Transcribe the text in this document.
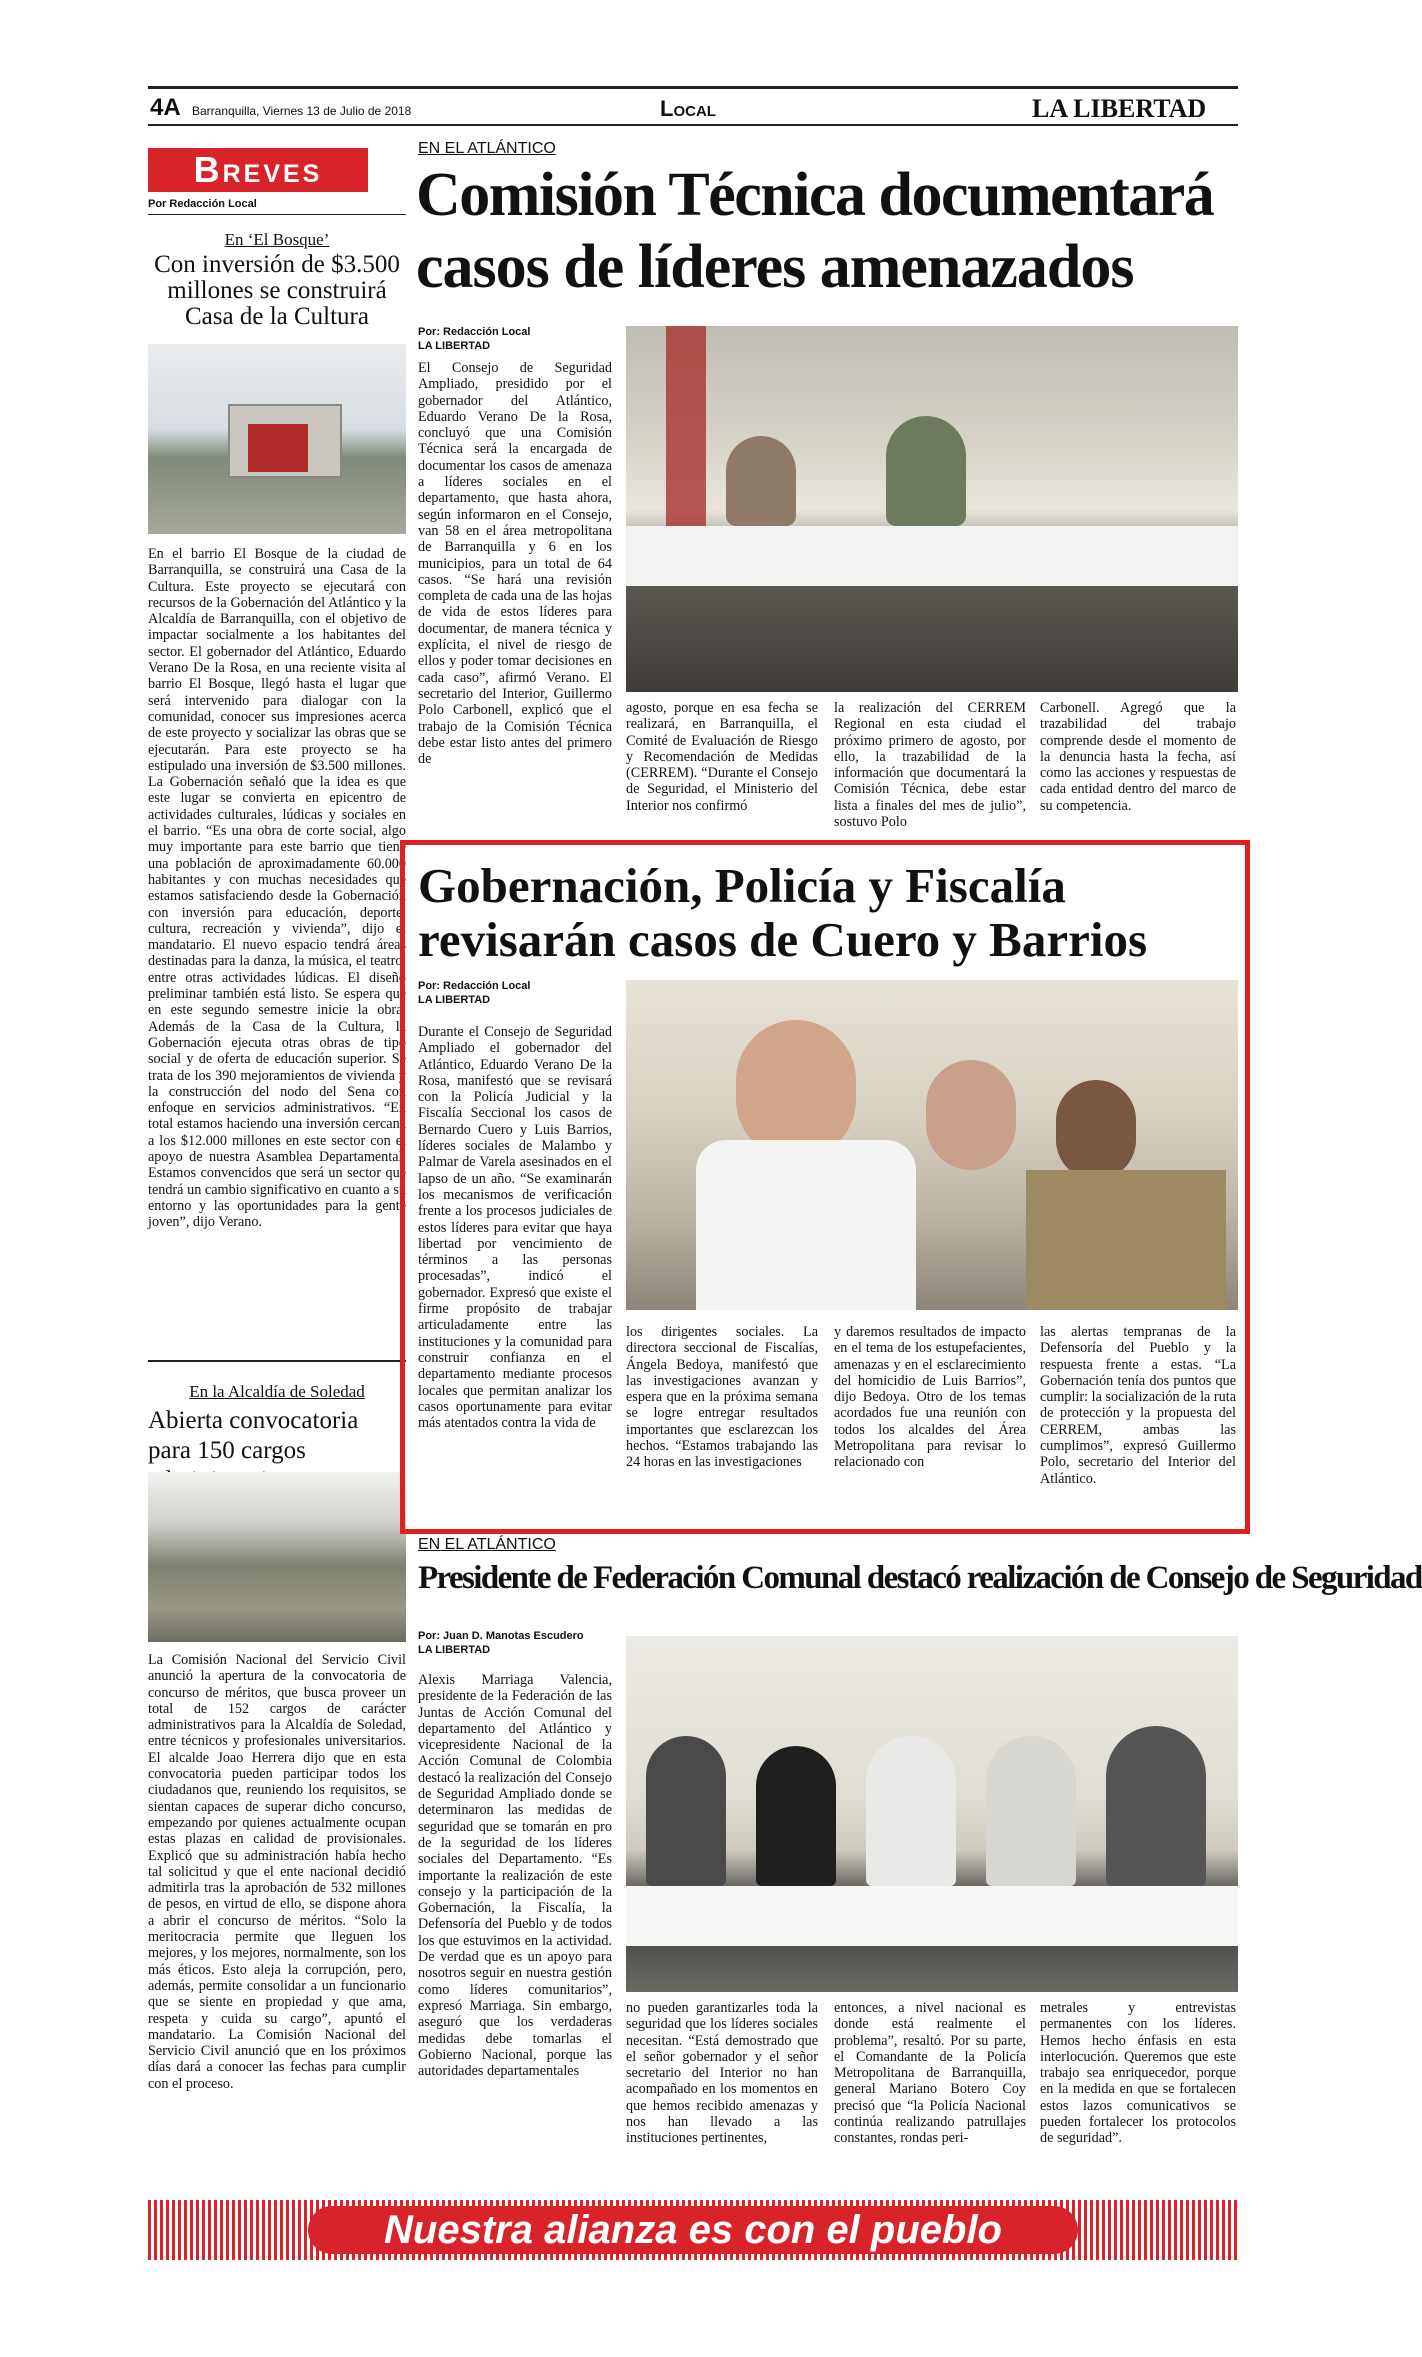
4A Barranquilla, Viernes 13 de Julio de 2018	Local	LA LIBERTAD
Breves
Por Redacción Local
En ‘El Bosque’
Con inversión de $3.500 millones se construirá Casa de la Cultura

En el barrio El Bosque de la ciudad de Barranquilla, se construirá una Casa de la Cultura. Este proyecto se ejecutará con recursos de la Gobernación del Atlántico y la Alcaldía de Barranquilla, con el objetivo de impactar socialmente a los habitantes del sector. El gobernador del Atlántico, Eduardo Verano De la Rosa, en una reciente visita al barrio El Bosque, llegó hasta el lugar que será intervenido para dialogar con la comunidad, conocer sus impresiones acerca de este proyecto y socializar las obras que se ejecutarán. Para este proyecto se ha estipulado una inversión de $3.500 millones. La Gobernación señaló que la idea es que este lugar se convierta en epicentro de actividades culturales, lúdicas y sociales en el barrio. “Es una obra de corte social, algo muy importante para este barrio que tiene una población de aproximadamente 60.000 habitantes y con muchas necesidades que estamos satisfaciendo desde la Gobernación con inversión para educación, deporte, cultura, recreación y vivienda”, dijo el mandatario. El nuevo espacio tendrá áreas destinadas para la danza, la música, el teatro, entre otras actividades lúdicas. El diseño preliminar también está listo. Se espera que en este segundo semestre inicie la obra. Además de la Casa de la Cultura, la Gobernación ejecuta otras obras de tipo social y de oferta de educación superior. Se trata de los 390 mejoramientos de vivienda y la construcción del nodo del Sena con enfoque en servicios administrativos. “En total estamos haciendo una inversión cercana a los $12.000 millones en este sector con el apoyo de nuestra Asamblea Departamental. Estamos convencidos que será un sector que tendrá un cambio significativo en cuanto a su entorno y las oportunidades para la gente joven”, dijo Verano.

En la Alcaldía de Soledad
Abierta convocatoria para 150 cargos

La Comisión Nacional del Servicio Civil anunció la apertura de la convocatoria de concurso de méritos, que busca proveer un total de 152 cargos de carácter administrativos para la Alcaldía de Soledad, entre técnicos y profesionales universitarios. El alcalde Joao Herrera dijo que en esta convocatoria pueden participar todos los ciudadanos que, reuniendo los requisitos, se sientan capaces de superar dicho concurso, empezando por quienes actualmente ocupan estas plazas en calidad de provisionales. Explicó que su administración había hecho tal solicitud y que el ente nacional decidió admitirla tras la aprobación de 532 millones de pesos, en virtud de ello, se dispone ahora a abrir el concurso de méritos. “Solo la meritocracia permite que lleguen los mejores, y los mejores, normalmente, son los más éticos. Esto aleja la corrupción, pero, además, permite consolidar a un funcionario que se siente en propiedad y que ama, respeta y cuida su cargo”, apuntó el mandatario. La Comisión Nacional del Servicio Civil anunció que en los próximos días dará a conocer las fechas para cumplir con el proceso.

EN EL ATLÁNTICO
Comisión Técnica documentará
casos de líderes amenazados
Por: Redacción Local
LA LIBERTAD

El Consejo de Seguridad Ampliado, presidido por el gobernador del Atlántico, Eduardo Verano De la Rosa, concluyó que una Comisión Técnica será la encargada de documentar los casos de amenaza a líderes sociales en el departamento, que hasta ahora, según informaron en el Consejo, van 58 en el área metropolitana de Barranquilla y 6 en los municipios, para un total de 64 casos. “Se hará una revisión completa de cada una de las hojas de vida de estos líderes para documentar, de manera técnica y explícita, el nivel de riesgo de ellos y poder tomar decisiones en cada caso”, afirmó Verano. El secretario del Interior, Guillermo Polo Carbonell, explicó que el trabajo de la Comisión Técnica debe estar listo antes del primero de

agosto, porque en esa fecha se realizará, en Barranquilla, el Comité de Evaluación de Riesgo y Recomendación de Medidas (CERREM). “Durante el Consejo de Seguridad, el Ministerio del Interior nos confirmó

la realización del CERREM Regional en esta ciudad el próximo primero de agosto, por ello, la trazabilidad de la información que documentará la Comisión Técnica, debe estar lista a finales del mes de julio”, sostuvo Polo

Carbonell. Agregó que la trazabilidad del trabajo comprende desde el momento de la denuncia hasta la fecha, así como las acciones y respuestas de cada entidad dentro del marco de su competencia.

Gobernación, Policía y Fiscalía
revisarán casos de Cuero y Barrios
Por: Redacción Local
LA LIBERTAD

Durante el Consejo de Seguridad Ampliado el gobernador del Atlántico, Eduardo Verano De la Rosa, manifestó que se revisará con la Policía Judicial y la Fiscalía Seccional los casos de Bernardo Cuero y Luis Barrios, líderes sociales de Malambo y Palmar de Varela asesinados en el lapso de un año. “Se examinarán los mecanismos de verificación frente a los procesos judiciales de estos líderes para evitar que haya libertad por vencimiento de términos a las personas procesadas”, indicó el gobernador. Expresó que existe el firme propósito de trabajar articuladamente entre las instituciones y la comunidad para construir confianza en el departamento mediante procesos locales que permitan analizar los casos oportunamente para evitar más atentados contra la vida de

los dirigentes sociales. La directora seccional de Fiscalías, Ángela Bedoya, manifestó que las investigaciones avanzan y espera que en la próxima semana se logre entregar resultados importantes que esclarezcan los hechos. “Estamos trabajando las 24 horas en las investigaciones

y daremos resultados de impacto en el tema de los estupefacientes, amenazas y en el esclarecimiento del homicidio de Luis Barrios”, dijo Bedoya. Otro de los temas acordados fue una reunión con todos los alcaldes del Área Metropolitana para revisar lo relacionado con

las alertas tempranas de la Defensoría del Pueblo y la respuesta frente a estas. “La Gobernación tenía dos puntos que cumplir: la socialización de la ruta de protección y la propuesta del CERREM, ambas las cumplimos”, expresó Guillermo Polo, secretario del Interior del Atlántico.

EN EL ATLÁNTICO
Presidente de Federación Comunal destacó realización de Consejo de Seguridad
Por: Juan D. Manotas Escudero
LA LIBERTAD

Alexis Marriaga Valencia, presidente de la Federación de las Juntas de Acción Comunal del departamento del Atlántico y vicepresidente Nacional de la Acción Comunal de Colombia destacó la realización del Consejo de Seguridad Ampliado donde se determinaron las medidas de seguridad que se tomarán en pro de la seguridad de los líderes sociales del Departamento. “Es importante la realización de este consejo y la participación de la Gobernación, la Fiscalía, la Defensoría del Pueblo y de todos los que estuvimos en la actividad. De verdad que es un apoyo para nosotros seguir en nuestra gestión como líderes comunitarios”, expresó Marriaga. Sin embargo, aseguró que los verdaderas medidas debe tomarlas el Gobierno Nacional, porque las autoridades departamentales

no pueden garantizarles toda la seguridad que los líderes sociales necesitan. “Está demostrado que el señor gobernador y el señor secretario del Interior no han acompañado en los momentos en que hemos recibido amenazas y nos han llevado a las instituciones pertinentes,

entonces, a nivel nacional es donde está realmente el problema”, resaltó. Por su parte, el Comandante de la Policía Metropolitana de Barranquilla, general Mariano Botero Coy precisó que “la Policía Nacional continúa realizando patrullajes constantes, rondas peri-

metrales y entrevistas permanentes con los líderes. Hemos hecho énfasis en esta interlocución. Queremos que este trabajo sea enriquecedor, porque en la medida en que se fortalecen estos lazos comunicativos se pueden fortalecer los protocolos de seguridad”.

Nuestra alianza es con el pueblo
